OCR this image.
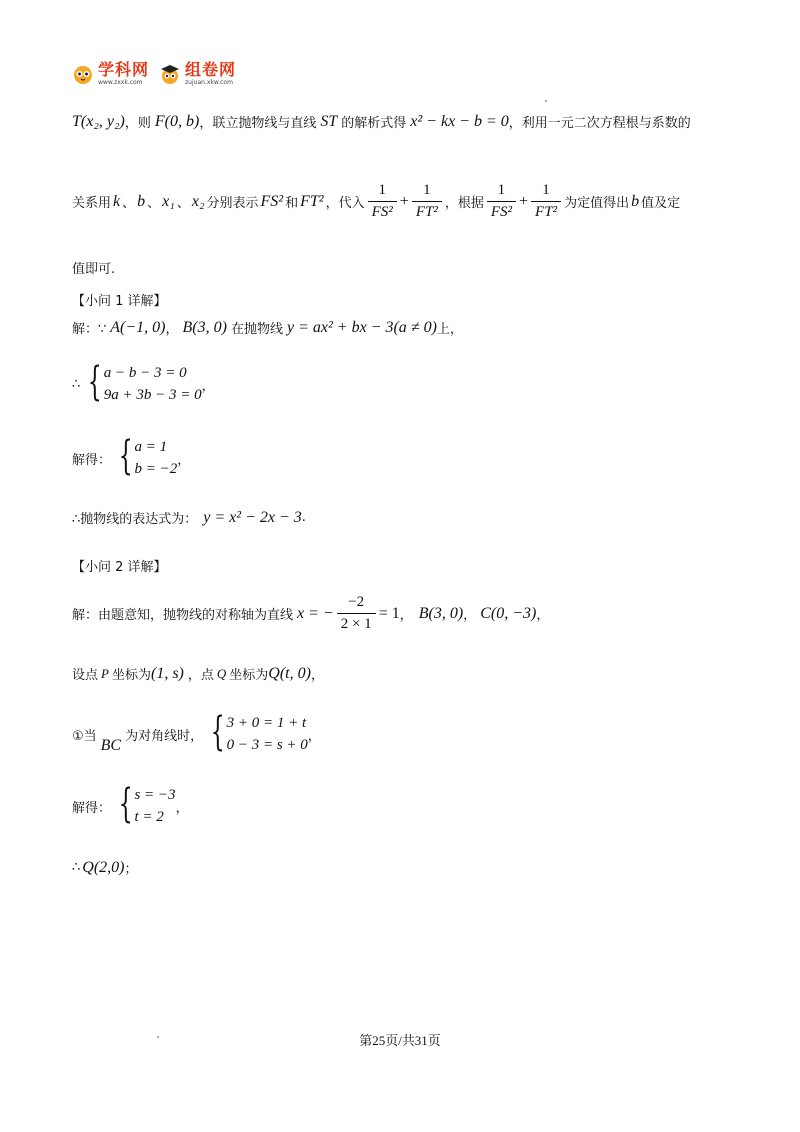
学科网
www.zxxk.com
组卷网
zujuan.xkw.com
T(x₂, y₂) ，则 F(0, b) ，联立抛物线与直线 ST 的解析式得 x² − kx − b = 0 ，利用一元二次方程根与系数的
关系用 k 、 b 、 x₁ 、 x₂ 分别表示 FS² 和 FT² ，代入 $\frac{1}{\text{FS²}} + \frac{1}{\text{FT²}}$ ，根据 $\frac{1}{\text{FS²}} + \frac{1}{\text{FT²}}$ 为定值得出 b 值及定
值即可.
【小问 1 详解】
解：∵ A(−1, 0) ， B(3, 0) 在抛物线 y = ax² + bx − 3(a ≠ 0) 上，
∴ { a − b − 3 = 0
9a + 3b − 3 = 0
，
解得： { a = 1
b = −2
，
∴抛物线的表达式为： y = x² − 2x − 3 .
【小问 2 详解】
解：由题意知，抛物线的对称轴为直线 x = − $\frac{-2}{2 \times 1} = 1$ ， B(3, 0) ， C(0, −3) ，
设点 P 坐标为 (1, s) ，点 Q 坐标为 Q(t, 0) ，
①当
BC
为对角线时， { 3 + 0 = 1 + t
0 − 3 = s + 0
，
解得： { s = −3
t = 2
，
∴ Q(2,0) ；
第25页/共31页
